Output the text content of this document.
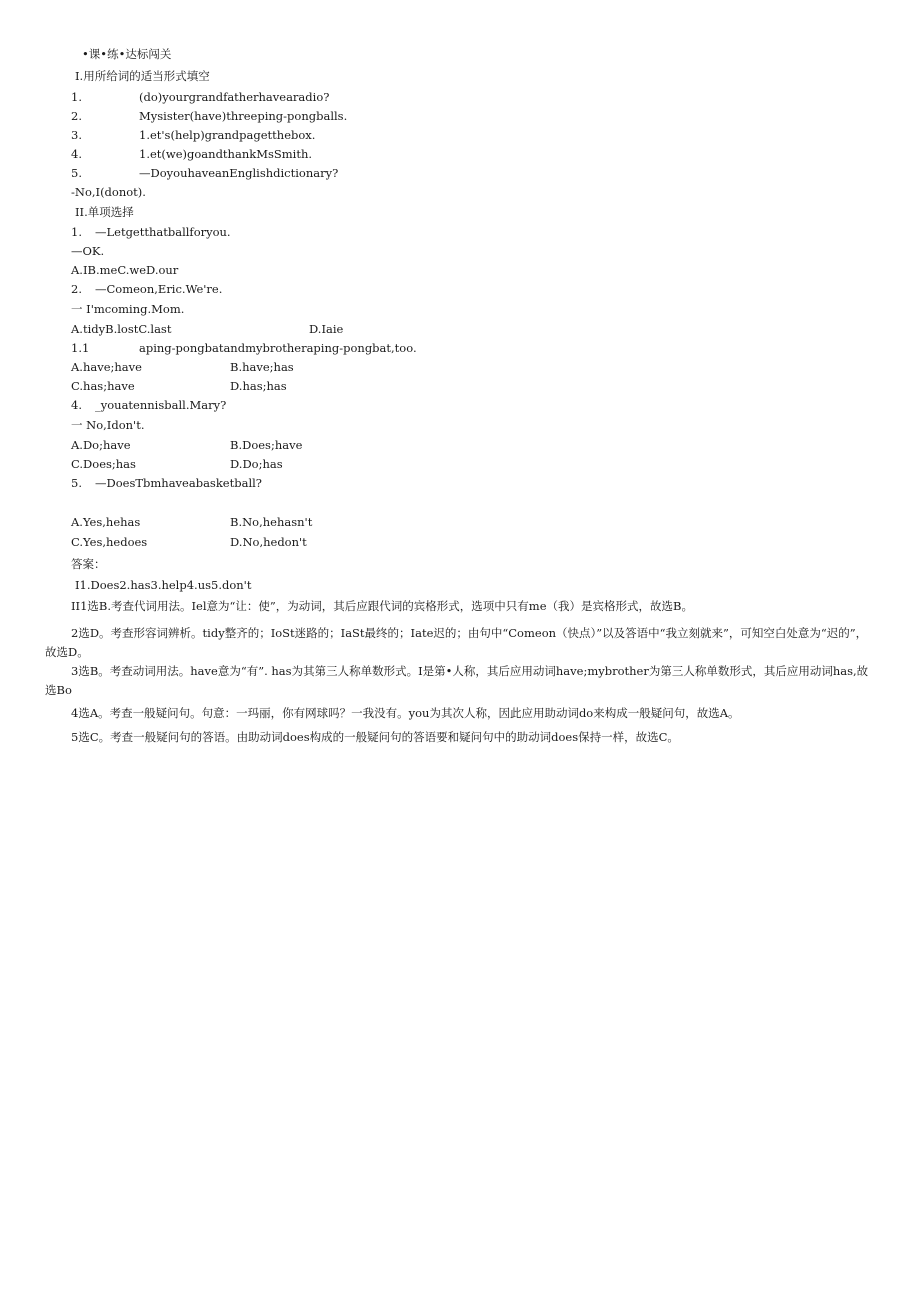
•课•练•达标闯关
I.用所给词的适当形式填空
1.	(do)yourgrandfatherhavearadio?
2.	Mysister(have)threeping-pongballs.
3.	1.et's(help)grandpagetthebox.
4.	1.et(we)goandthankMsSmith.
5.	—DoyouhaveanEnglishdictionary?
-No,I(donot).
II.单项选择
1. —Letgetthatballforyou.
—OK.
A.IB.meC.weD.our
2. —Comeon,Eric.We're.
一 I'mcoming.Mom.
A.tidyB.lostC.last	D.Iaie
1.1	aping-pongbatandmybrotheraping-pongbat,too.
A.have;have	B.have;has
C.has;have	D.has;has
4. _youatennisball.Mary?
一 No,Idon't.
A.Do;have	B.Does;have
C.Does;has	D.Do;has
5. —DoesTbmhaveabasketball?
A.Yes,hehas	B.No,hehasn't
C.Yes,hedoes	D.No,hedon't
答案：
I1.Does2.has3.help4.us5.don't
II1选B.考查代词用法。Iel意为“让：使”，为动词，其后应跟代词的宾格形式，选项中只有me（我）是宾格形式，故选B。
2选D。考查形容词辨析。tidy整齐的；IoSt迷路的；IaSt最终的；Iate迟的；由句中“Comeon（快点）”以及答语中“我立刻就来”，可知空白处意为“迟的”，故选D。
3选B。考查动词用法。have意为“有”. has为其第三人称单数形式。I是第•人称，其后应用动词have;mybrother为第三人称单数形式，其后应用动词has,故选Bo
4选A。考查一般疑问句。句意：一玛丽，你有网球吗？一我没有。you为其次人称，因此应用助动词do来构成一般疑问句，故选A。
5选C。考查一般疑问句的答语。由助动词does构成的一般疑问句的答语要和疑问句中的助动词does保持一样，故选C。
